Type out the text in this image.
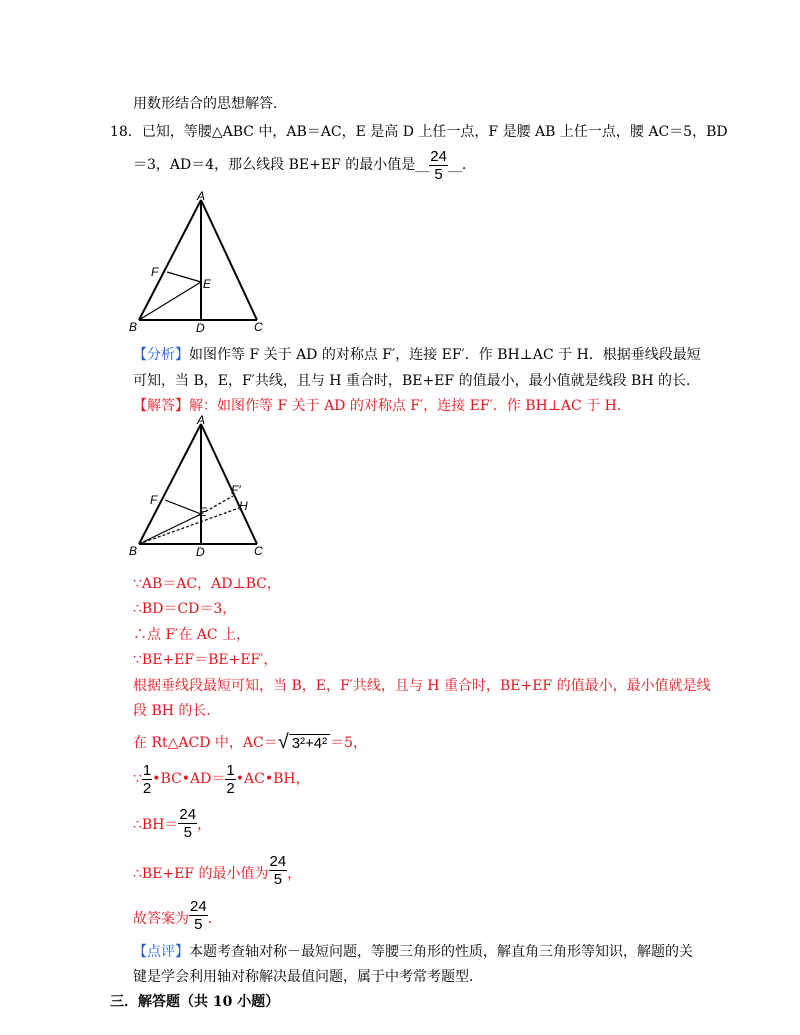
用数形结合的思想解答．
18．已知，等腰△ABC 中，AB＝AC，E 是高 D 上任一点，F 是腰 AB 上任一点，腰 AC＝5，BD
＝3，AD＝4，那么线段 BE+EF 的最小值是__ $\frac{24}{5}$ __．
A
B	C
D
E
F
【分析】如图作等 F 关于 AD 的对称点 F′，连接 EF′．作 BH⊥AC 于 H．根据垂线段最短
可知，当 B，E，F′共线，且与 H 重合时，BE+EF 的值最小，最小值就是线段 BH 的长．
【解答】解：如图作等 F 关于 AD 的对称点 F′，连接 EF′．作 BH⊥AC 于 H．
A
B	C
D
E
F
F′
H
∵AB＝AC，AD⊥BC，
∴BD＝CD＝3，
∴点 F′在 AC 上，
∵BE+EF＝BE+EF′，
根据垂线段最短可知，当 B，E，F′共线，且与 H 重合时，BE+EF 的值最小，最小值就是线
段 BH 的长．
在 Rt△ACD 中，AC＝√ 3²+4² ＝5，
∵ $\frac{1}{2}$ •BC•AD＝ $\frac{1}{2}$ •AC•BH，
∴BH＝ $\frac{24}{5}$ ，
∴BE+EF 的最小值为 $\frac{24}{5}$ ，
故答案为 $\frac{24}{5}$ ．
【点评】本题考查轴对称－最短问题，等腰三角形的性质，解直角三角形等知识，解题的关
键是学会利用轴对称解决最值问题，属于中考常考题型．
三．解答题（共 10 小题）
